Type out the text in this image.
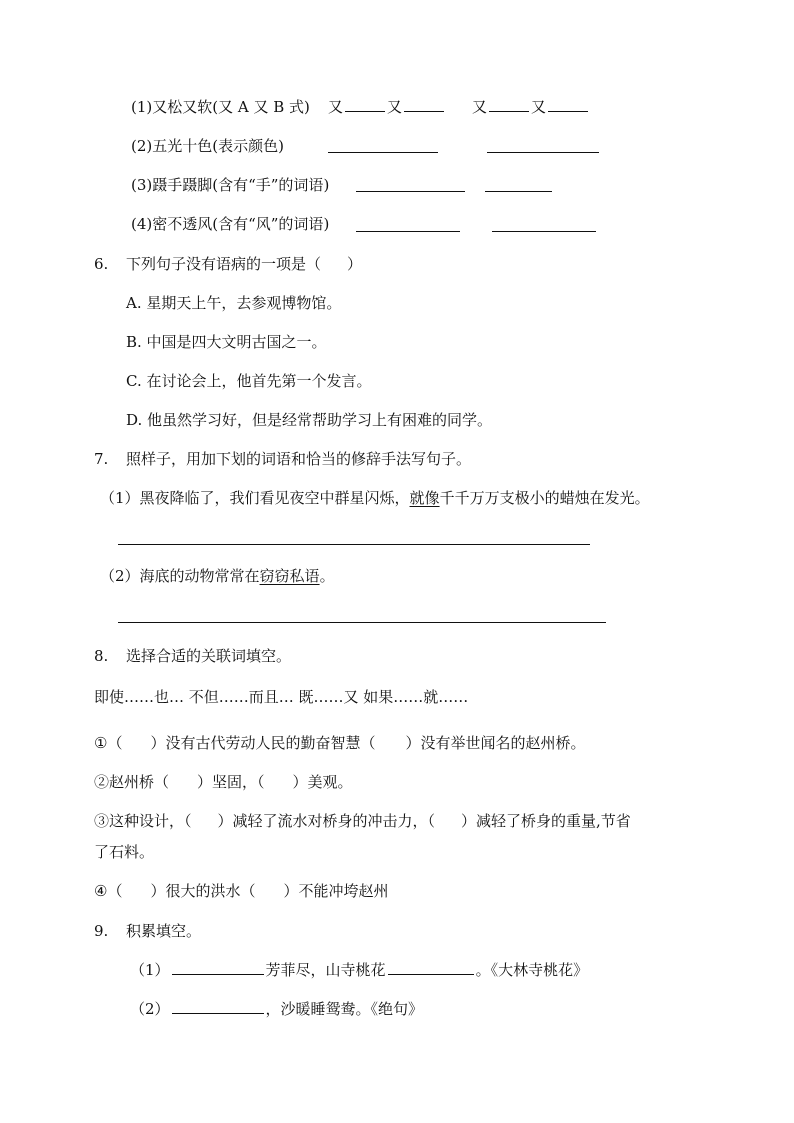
(1)又松又软(又 A 又 B 式) 又	又	又	又
(2)五光十色(表示颜色)
(3)蹑手蹑脚(含有“手”的词语)
(4)密不透风(含有“风”的词语)
6. 下列句子没有语病的一项是（ ）
A. 星期天上午，去参观博物馆。
B. 中国是四大文明古国之一。
C. 在讨论会上，他首先第一个发言。
D. 他虽然学习好，但是经常帮助学习上有困难的同学。
7. 照样子，用加下划的词语和恰当的修辞手法写句子。
（1）黑夜降临了，我们看见夜空中群星闪烁，就像千千万万支极小的蜡烛在发光。
（2）海底的动物常常在窃窃私语。
8. 选择合适的关联词填空。
即使……也… 不但……而且… 既……又 如果……就……
①（ ）没有古代劳动人民的勤奋智慧（ ）没有举世闻名的赵州桥。
②赵州桥（ ）坚固，（ ）美观。
③这种设计，（ ）减轻了流水对桥身的冲击力，（ ）减轻了桥身的重量,节省
了石料。
④（ ）很大的洪水（ ）不能冲垮赵州
9. 积累填空。
（1）	芳菲尽，山寺桃花	。《大林寺桃花》
（2）	，沙暖睡鸳鸯。《绝句》
